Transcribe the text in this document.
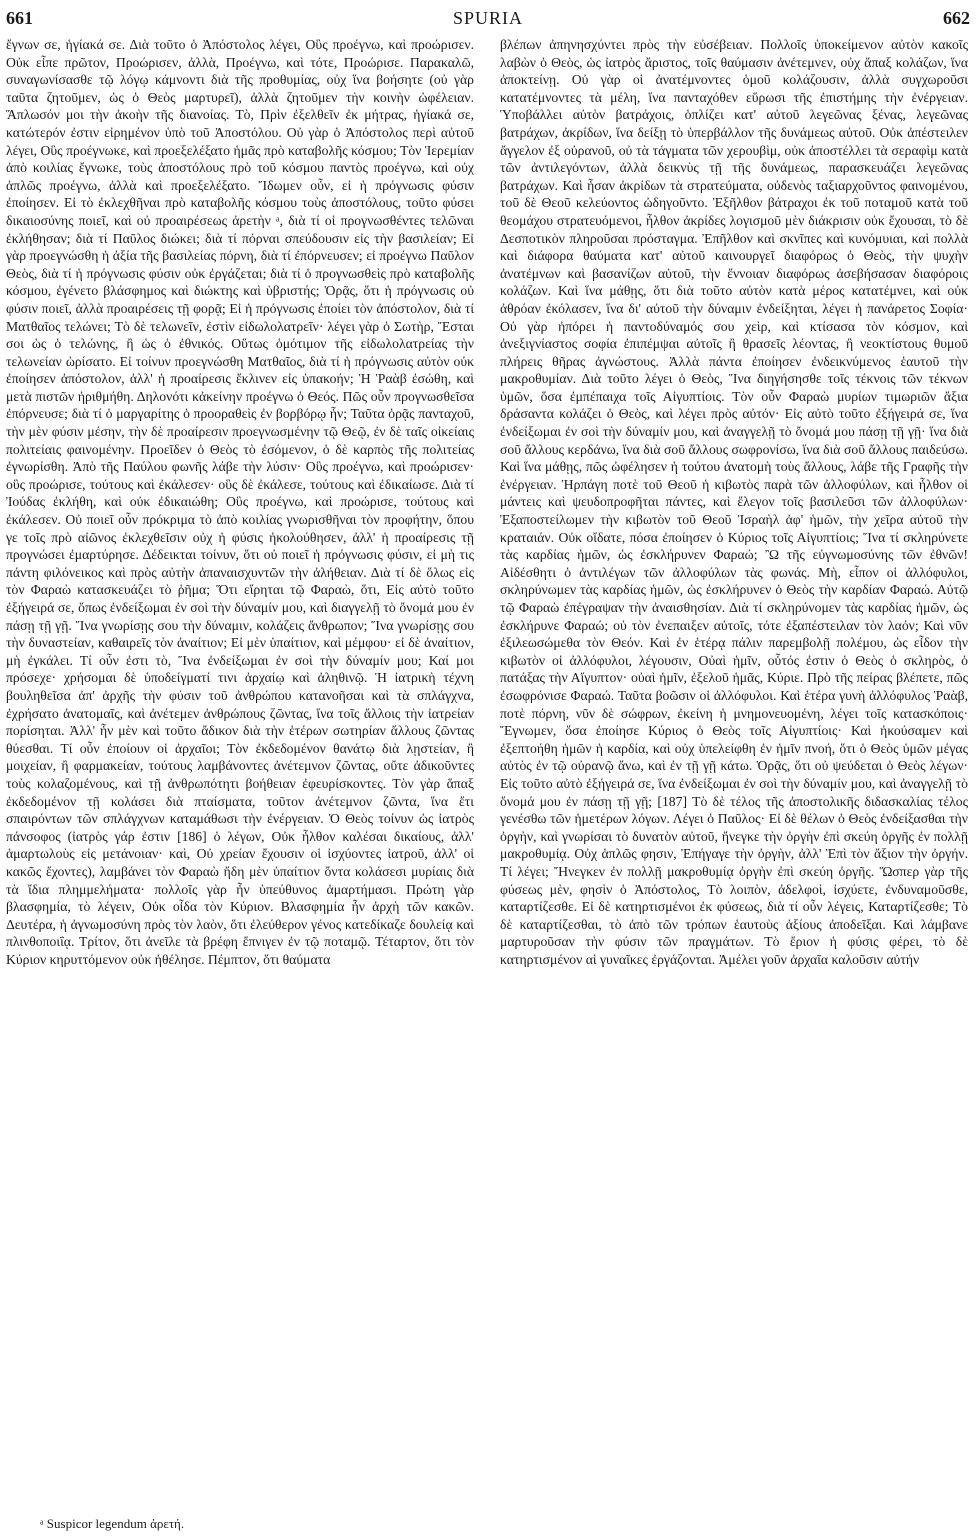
661	SPURIA	662

ἔγνων σε, ἡγίακά σε. Διὰ τοῦτο ὁ Ἀπόστολος λέγει, Οὓς προέγνω, καὶ προώρισεν. Οὐκ εἶπε πρῶτον, Προώρισεν, ἀλλὰ, Προέγνω, καὶ τότε, Προώρισε. Παρακαλῶ, συναγωνίσασθε τῷ λόγῳ κάμνοντι διὰ τῆς προθυμίας, οὐχ ἵνα βοήσητε (οὐ γὰρ ταῦτα ζητοῦμεν, ὡς ὁ Θεὸς μαρτυρεῖ), ἀλλὰ ζητοῦμεν τὴν κοινὴν ὠφέλειαν. Ἅπλωσόν μοι τὴν ἀκοὴν τῆς διανοίας. Τὸ, Πρὶν ἐξελθεῖν ἐκ μήτρας, ἡγίακά σε, κατώτερόν ἐστιν εἰρημένον ὑπὸ τοῦ Ἀποστόλου. Οὐ γὰρ ὁ Ἀπόστολος περὶ αὐτοῦ λέγει, Οὓς προέγνωκε, καὶ προεξελέξατο ἡμᾶς πρὸ καταβολῆς κόσμου; Τὸν Ἱερεμίαν ἀπὸ κοιλίας ἔγνωκε, τοὺς ἀποστόλους πρὸ τοῦ κόσμου παντὸς προέγνω, καὶ οὐχ ἁπλῶς προέγνω, ἀλλὰ καὶ προεξελέξατο. Ἴδωμεν οὖν, εἰ ἡ πρόγνωσις φύσιν ἐποίησεν. Εἰ τὸ ἐκλεχθῆναι πρὸ καταβολῆς κόσμου τοὺς ἀποστόλους, τοῦτο φύσει δικαιοσύνης ποιεῖ, καὶ οὐ προαιρέσεως ἀρετὴν ᵃ, διὰ τί οἱ προγνωσθέντες τελῶναι ἐκλήθησαν; διὰ τί Παῦλος διώκει; διὰ τί πόρναι σπεύδουσιν εἰς τὴν βασιλείαν; Εἰ γὰρ προεγνώσθη ἡ ἀξία τῆς βασιλείας πόρνη, διὰ τί ἐπόρνευσεν; εἰ προέγνω Παῦλον Θεὸς, διὰ τί ἡ πρόγνωσις φύσιν οὐκ ἐργάζεται; διὰ τί ὁ προγνωσθεὶς πρὸ καταβολῆς κόσμου, ἐγένετο βλάσφημος καὶ διώκτης καὶ ὑβριστής; Ὁρᾷς, ὅτι ἡ πρόγνωσις οὐ φύσιν ποιεῖ, ἀλλὰ προαιρέσεις τῇ φορᾷ; Εἰ ἡ πρόγνωσις ἐποίει τὸν ἀπόστολον, διὰ τί Ματθαῖος τελώνει; Τὸ δὲ τελωνεῖν, ἐστὶν εἰδωλολατρεῖν· λέγει γὰρ ὁ Σωτὴρ, Ἔσται σοι ὡς ὁ τελώνης, ἢ ὡς ὁ ἐθνικός. Οὕτως ὁμότιμον τῆς εἰδωλολατρείας τὴν τελωνείαν ὡρίσατο. Εἰ τοίνυν προεγνώσθη Ματθαῖος, διὰ τί ἡ πρόγνωσις αὐτὸν οὐκ ἐποίησεν ἀπόστολον, ἀλλ' ἡ προαίρεσις ἔκλινεν εἰς ὑπακοήν; Ἡ Ῥαὰβ ἐσώθη, καὶ μετὰ πιστῶν ἠριθμήθη. Δηλονότι κἀκείνην προέγνω ὁ Θεός. Πῶς οὖν προγνωσθεῖσα ἐπόρνευσε; διὰ τί ὁ μαργαρίτης ὁ προοραθεὶς ἐν βορβόρῳ ἦν; Ταῦτα ὁρᾷς πανταχοῦ, τὴν μὲν φύσιν μέσην, τὴν δὲ προαίρεσιν προεγνωσμένην τῷ Θεῷ, ἐν δὲ ταῖς οἰκείαις πολιτείαις φαινομένην. Προεῖδεν ὁ Θεὸς τὸ ἐσόμενον, ὁ δὲ καρπὸς τῆς πολιτείας ἐγνωρίσθη. Ἀπὸ τῆς Παύλου φωνῆς λάβε τὴν λύσιν· Οὓς προέγνω, καὶ προώρισεν· οὓς προώρισε, τούτους καὶ ἐκάλεσεν· οὓς δὲ ἐκάλεσε, τούτους καὶ ἐδικαίωσε. Διὰ τί Ἰούδας ἐκλήθη, καὶ οὐκ ἐδικαιώθη; Οὓς προέγνω, καὶ προώρισε, τούτους καὶ ἐκάλεσεν. Οὐ ποιεῖ οὖν πρόκριμα τὸ ἀπὸ κοιλίας γνωρισθῆναι τὸν προφήτην, ὅπου γε τοῖς πρὸ αἰῶνος ἐκλεχθεῖσιν οὐχ ἡ φύσις ἠκολούθησεν, ἀλλ' ἡ προαίρεσις τῇ προγνώσει ἐμαρτύρησε. Δέδεικται τοίνυν, ὅτι οὐ ποιεῖ ἡ πρόγνωσις φύσιν, εἰ μὴ τις πάντη φιλόνεικος καὶ πρὸς αὐτὴν ἀπαναισχυντῶν τὴν ἀλήθειαν. Διὰ τί δὲ ὅλως εἰς τὸν Φαραὼ κατασκευάζει τὸ ῥῆμα; Ὅτι εἴρηται τῷ Φαραὼ, ὅτι, Εἰς αὐτὸ τοῦτο ἐξήγειρά σε, ὅπως ἐνδείξωμαι ἐν σοὶ τὴν δύναμίν μου, καὶ διαγγελῇ τὸ ὄνομά μου ἐν πάσῃ τῇ γῇ. Ἵνα γνωρίσῃς σου τὴν δύναμιν, κολάζεις ἄνθρωπον; Ἵνα γνωρίσῃς σου τὴν δυναστείαν, καθαιρεῖς τὸν ἀναίτιον; Εἰ μὲν ὑπαίτιον, καὶ μέμφου· εἰ δὲ ἀναίτιον, μὴ ἐγκάλει. Τί οὖν ἐστι τὸ, Ἵνα ἐνδείξωμαι ἐν σοὶ τὴν δύναμίν μου; Καί μοι πρόσεχε· χρήσομαι δὲ ὑποδείγματί τινι ἀρχαίῳ καὶ ἀληθινῷ. Ἡ ἰατρικὴ τέχνη βουληθεῖσα ἀπ' ἀρχῆς τὴν φύσιν τοῦ ἀνθρώπου κατανοῆσαι καὶ τὰ σπλάγχνα, ἐχρήσατο ἀνατομαῖς, καὶ ἀνέτεμεν ἀνθρώπους ζῶντας, ἵνα τοῖς ἄλλοις τὴν ἰατρείαν πορίσηται. Ἀλλ' ἦν μὲν καὶ τοῦτο ἄδικον διὰ τὴν ἑτέρων σωτηρίαν ἄλλους ζῶντας θύεσθαι. Τί οὖν ἐποίουν οἱ ἀρχαῖοι; Τὸν ἐκδεδομένον θανάτῳ διὰ λῃστείαν, ἢ μοιχείαν, ἢ φαρμακείαν, τούτους λαμβάνοντες ἀνέτεμνον ζῶντας, οὔτε ἀδικοῦντες τοὺς κολαζομένους, καὶ τῇ ἀνθρωπότητι βοήθειαν ἐφευρίσκοντες. Τὸν γὰρ ἅπαξ ἐκδεδομένον τῇ κολάσει διὰ πταίσματα, τοῦτον ἀνέτεμνον ζῶντα, ἵνα ἔτι σπαιρόντων τῶν σπλάγχνων καταμάθωσι τὴν ἐνέργειαν. Ὁ Θεὸς τοίνυν ὡς ἰατρὸς πάνσοφος (ἰατρὸς γάρ ἐστιν [186] ὁ λέγων, Οὐκ ἦλθον καλέσαι δικαίους, ἀλλ' ἁμαρτωλοὺς εἰς μετάνοιαν· καὶ, Οὐ χρείαν ἔχουσιν οἱ ἰσχύοντες ἰατροῦ, ἀλλ' οἱ κακῶς ἔχοντες), λαμβάνει τὸν Φαραὼ ἤδη μὲν ὑπαίτιον ὄντα κολάσεσι μυρίαις διὰ τὰ ἴδια πλημμελήματα· πολλοῖς γὰρ ἦν ὑπεύθυνος ἁμαρτήμασι. Πρώτη γὰρ βλασφημία, τὸ λέγειν, Οὐκ οἶδα τὸν Κύριον. Βλασφημία ἦν ἀρχὴ τῶν κακῶν. Δευτέρα, ἡ ἀγνωμοσύνη πρὸς τὸν λαὸν, ὅτι ἐλεύθερον γένος κατεδίκαζε δουλείᾳ καὶ πλινθοποιΐᾳ. Τρίτον, ὅτι ἀνεῖλε τὰ βρέφη ἔπνιγεν ἐν τῷ ποταμῷ. Τέταρτον, ὅτι τὸν Κύριον κηρυττόμενον οὐκ ἠθέλησε. Πέμπτον, ὅτι θαύματα

βλέπων ἀπηνησχύντει πρὸς τὴν εὐσέβειαν. Πολλοῖς ὑποκείμενον αὐτὸν κακοῖς λαβὼν ὁ Θεὸς, ὡς ἰατρὸς ἄριστος, τοῖς θαύμασιν ἀνέτεμνεν, οὐχ ἅπαξ κολάζων, ἵνα ἀποκτείνῃ. Οὐ γὰρ οἱ ἀνατέμνοντες ὁμοῦ κολάζουσιν, ἀλλὰ συγχωροῦσι κατατέμνοντες τὰ μέλη, ἵνα πανταχόθεν εὕρωσι τῆς ἐπιστήμης τὴν ἐνέργειαν. Ὑποβάλλει αὐτὸν βατράχοις, ὁπλίζει κατ' αὐτοῦ λεγεῶνας ξένας, λεγεῶνας βατράχων, ἀκρίδων, ἵνα δείξῃ τὸ ὑπερβάλλον τῆς δυνάμεως αὐτοῦ. Οὐκ ἀπέστειλεν ἄγγελον ἐξ οὐρανοῦ, οὐ τὰ τάγματα τῶν χερουβὶμ, οὐκ ἀποστέλλει τὰ σεραφὶμ κατὰ τῶν ἀντιλεγόντων, ἀλλὰ δεικνὺς τῇ τῆς δυνάμεως, παρασκευάζει λεγεῶνας βατράχων. Καὶ ἦσαν ἀκρίδων τὰ στρατεύματα, οὐδενὸς ταξιαρχοῦντος φαινομένου, τοῦ δὲ Θεοῦ κελεύοντος ὠδηγοῦντο. Ἐξῆλθον βάτραχοι ἐκ τοῦ ποταμοῦ κατὰ τοῦ θεομάχου στρατευόμενοι, ἦλθον ἀκρίδες λογισμοῦ μὲν διάκρισιν οὐκ ἔχουσαι, τὸ δὲ Δεσποτικὸν πληροῦσαι πρόσταγμα. Ἐπῆλθον καὶ σκνῖπες καὶ κυνόμυιαι, καὶ πολλὰ καὶ διάφορα θαύματα κατ' αὐτοῦ καινουργεῖ διαφόρως ὁ Θεὸς, τὴν ψυχὴν ἀνατέμνων καὶ βασανίζων αὐτοῦ, τὴν ἔννοιαν διαφόρως ἀσεβήσασαν διαφόροις κολάζων. Καὶ ἵνα μάθῃς, ὅτι διὰ τοῦτο αὐτὸν κατὰ μέρος κατατέμνει, καὶ οὐκ ἀθρόαν ἐκόλασεν, ἵνα δι' αὐτοῦ τὴν δύναμιν ἐνδείξηται, λέγει ἡ πανάρετος Σοφία· Οὐ γὰρ ἠπόρει ἡ παντοδύναμός σου χεὶρ, καὶ κτίσασα τὸν κόσμον, καὶ ἀνεξιγνίαστος σοφία ἐπιπέμψαι αὐτοῖς ἢ θρασεῖς λέοντας, ἢ νεοκτίστους θυμοῦ πλήρεις θῆρας ἀγνώστους. Ἀλλὰ πάντα ἐποίησεν ἐνδεικνύμενος ἑαυτοῦ τὴν μακροθυμίαν. Διὰ τοῦτο λέγει ὁ Θεὸς, Ἵνα διηγήσησθε τοῖς τέκνοις τῶν τέκνων ὑμῶν, ὅσα ἐμπέπαιχα τοῖς Αἰγυπτίοις. Τὸν οὖν Φαραὼ μυρίων τιμωριῶν ἄξια δράσαντα κολάζει ὁ Θεὸς, καὶ λέγει πρὸς αὐτόν· Εἰς αὐτὸ τοῦτο ἐξήγειρά σε, ἵνα ἐνδείξωμαι ἐν σοὶ τὴν δύναμίν μου, καὶ ἀναγγελῇ τὸ ὄνομά μου πάσῃ τῇ γῇ· ἵνα διὰ σοῦ ἄλλους κερδάνω, ἵνα διὰ σοῦ ἄλλους σωφρονίσω, ἵνα διὰ σοῦ ἄλλους παιδεύσω. Καὶ ἵνα μάθῃς, πῶς ὠφέλησεν ἡ τούτου ἀνατομὴ τοὺς ἄλλους, λάβε τῆς Γραφῆς τὴν ἐνέργειαν. Ἡρπάγη ποτὲ τοῦ Θεοῦ ἡ κιβωτὸς παρὰ τῶν ἀλλοφύλων, καὶ ἦλθον οἱ μάντεις καὶ ψευδοπροφῆται πάντες, καὶ ἔλεγον τοῖς βασιλεῦσι τῶν ἀλλοφύλων· Ἐξαποστείλωμεν τὴν κιβωτὸν τοῦ Θεοῦ Ἰσραὴλ ἀφ' ἡμῶν, τὴν χεῖρα αὐτοῦ τὴν κραταιάν. Οὐκ οἴδατε, πόσα ἐποίησεν ὁ Κύριος τοῖς Αἰγυπτίοις; Ἵνα τί σκληρύνετε τὰς καρδίας ἡμῶν, ὡς ἐσκλήρυνεν Φαραώ; Ὢ τῆς εὐγνωμοσύνης τῶν ἐθνῶν! Αἰδέσθητι ὁ ἀντιλέγων τῶν ἀλλοφύλων τὰς φωνάς. Μὴ, εἶπον οἱ ἀλλόφυλοι, σκληρύνωμεν τὰς καρδίας ἡμῶν, ὡς ἐσκλήρυνεν ὁ Θεὸς τὴν καρδίαν Φαραώ. Αὐτῷ τῷ Φαραὼ ἐπέγραψαν τὴν ἀναισθησίαν. Διὰ τί σκληρύνομεν τὰς καρδίας ἡμῶν, ὡς ἐσκλήρυνε Φαραώ; οὐ τὸν ἐνεπαιξεν αὐτοῖς, τότε ἐξαπέστειλαν τὸν λαόν; Καὶ νῦν ἐξιλεωσώμεθα τὸν Θεόν. Καὶ ἐν ἑτέρᾳ πάλιν παρεμβολῇ πολέμου, ὡς εἶδον τὴν κιβωτὸν οἱ ἀλλόφυλοι, λέγουσιν, Οὐαὶ ἡμῖν, οὗτός ἐστιν ὁ Θεὸς ὁ σκληρὸς, ὁ πατάξας τὴν Αἴγυπτον· οὐαὶ ἡμῖν, ἐξελοῦ ἡμᾶς, Κύριε. Πρὸ τῆς πείρας βλέπετε, πῶς ἐσωφρόνισε Φαραώ. Ταῦτα βοῶσιν οἱ ἀλλόφυλοι. Καὶ ἑτέρα γυνὴ ἀλλόφυλος Ῥαὰβ, ποτὲ πόρνη, νῦν δὲ σώφρων, ἐκείνη ἡ μνημονευομένη, λέγει τοῖς κατασκόποις· Ἔγνωμεν, ὅσα ἐποίησε Κύριος ὁ Θεὸς τοῖς Αἰγυπτίοις· Καὶ ἠκούσαμεν καὶ ἐξεπτοήθη ἡμῶν ἡ καρδία, καὶ οὐχ ὑπελείφθη ἐν ἡμῖν πνοή, ὅτι ὁ Θεὸς ὑμῶν μέγας αὐτὸς ἐν τῷ οὐρανῷ ἄνω, καὶ ἐν τῇ γῇ κάτω. Ὁρᾷς, ὅτι οὐ ψεύδεται ὁ Θεὸς λέγων· Εἰς τοῦτο αὐτὸ ἐξήγειρά σε, ἵνα ἐνδείξωμαι ἐν σοὶ τὴν δύναμίν μου, καὶ ἀναγγελῇ τὸ ὄνομά μου ἐν πάσῃ τῇ γῇ; [187] Τὸ δὲ τέλος τῆς ἀποστολικῆς διδασκαλίας τέλος γενέσθω τῶν ἡμετέρων λόγων. Λέγει ὁ Παῦλος· Εἰ δὲ θέλων ὁ Θεὸς ἐνδείξασθαι τὴν ὀργὴν, καὶ γνωρίσαι τὸ δυνατὸν αὐτοῦ, ἤνεγκε τὴν ὀργὴν ἐπὶ σκεύη ὀργῆς ἐν πολλῇ μακροθυμίᾳ. Οὐχ ἁπλῶς φησιν, Ἐπήγαγε τὴν ὀργὴν, ἀλλ' Ἐπὶ τὸν ἄξιον τὴν ὀργήν. Τί λέγει; Ἤνεγκεν ἐν πολλῇ μακροθυμίᾳ ὀργὴν ἐπὶ σκεύη ὀργῆς. Ὥσπερ γὰρ τῆς φύσεως μὲν, φησὶν ὁ Ἀπόστολος, Τὸ λοιπὸν, ἀδελφοὶ, ἰσχύετε, ἐνδυναμοῦσθε, καταρτίζεσθε. Εἰ δὲ κατηρτισμένοι ἐκ φύσεως, διὰ τί οὖν λέγεις, Καταρτίζεσθε; Τὸ δὲ καταρτίζεσθαι, τὸ ἀπὸ τῶν τρόπων ἑαυτοὺς ἀξίους ἀποδεῖξαι. Καὶ λάμβανε μαρτυροῦσαν τὴν φύσιν τῶν πραγμάτων. Τὸ ἔριον ἡ φύσις φέρει, τὸ δὲ κατηρτισμένον αἱ γυναῖκες ἐργάζονται. Ἀμέλει γοῦν ἀρχαῖα καλοῦσιν αὐτήν

ᵃ Suspicor legendum ἀρετή.
